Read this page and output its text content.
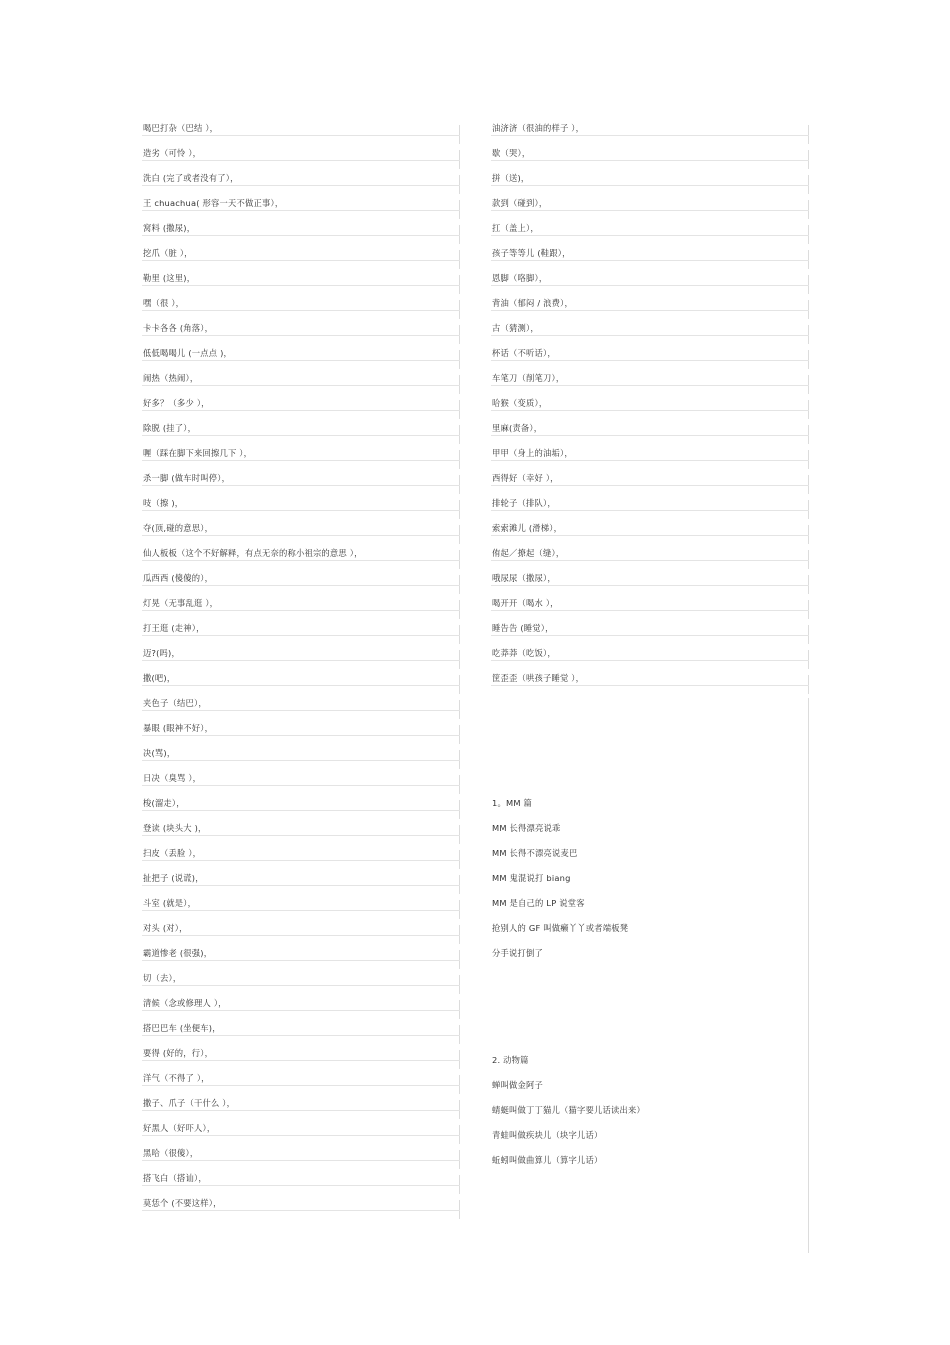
喝巴打杂（巴结 ），
造劣（可怜 ），
洗白 (完了或者没有了），
王 chuachua( 形容一天不做正事），
窝料 (撒尿)，
挖爪（脏 ），
勒里 (这里)，
嘿（很 ），
卡卡各各 (角落），
低低喝喝儿 (一点点 )，
闹热（热闹），
好多？（多少 ），
除脱 (挂了），
喱（踩在脚下来回擦几下 ），
杀一脚 (做车时叫停），
吱（擦 )，
夺(顶,碰的意思），
仙人板板（这个不好解释，有点无奈的称小祖宗的意思 ），
瓜西西 (傻傻的），
灯晃（无事乱逛 ），
打王逛 (走神），
迈?(吗)，
撒(吧)，
夹色子（结巴），
暴眼 (眼神不好），
决(骂)，
日决（臭骂 ），
梭(溜走），
登读 (块头大 )，
扫皮（丢脸 ），
扯把子 (说谎)，
斗室 (就是），
对头 (对），
霸道惨老 (很强)，
切（去），
清候（念或修理人 ），
搭巴巴车 (坐便车)，
要得 (好的，行），
洋气（不得了 ），
撒子、爪子（干什么 ），
好黑人（好吓人），
黑哈（很傻），
搭飞白（搭讪），
莫恁个 (不要这样），
油济济（很油的样子 ），
歇（哭），
拼（送)，
款到（碰到），
扛（盖上），
孩子等等儿 (鞋跟），
恩脚（咯脚），
背油（郁闷 / 浪费），
古（猜测），
杯话（不听话），
车笔刀（削笔刀），
哈猴（变质），
里麻(责备），
甲甲（身上的油垢），
西得好（幸好 ），
排轮子（排队），
索索滩儿 (滑梯），
侑起／撩起（缝），
哦尿尿（撒尿），
喝开开（喝水 ），
睡告告 (睡觉），
吃莽莽（吃饭），
筐歪歪（哄孩子睡觉 ），
1。MM 篇
MM 长得漂亮说乖
MM 长得不漂亮说麦巴
MM 鬼混说打 biang
MM 是自己的 LP 说堂客
抢别人的 GF 叫做癞丫丫或者端板凳
分手说打倒了
2. 动物篇
蝉叫做金阿子
蜻蜓叫做丁丁猫儿（猫字要儿话读出来）
青蛙叫做疾块儿（块字儿话）
蚯蚓叫做曲算儿（算字儿话）
